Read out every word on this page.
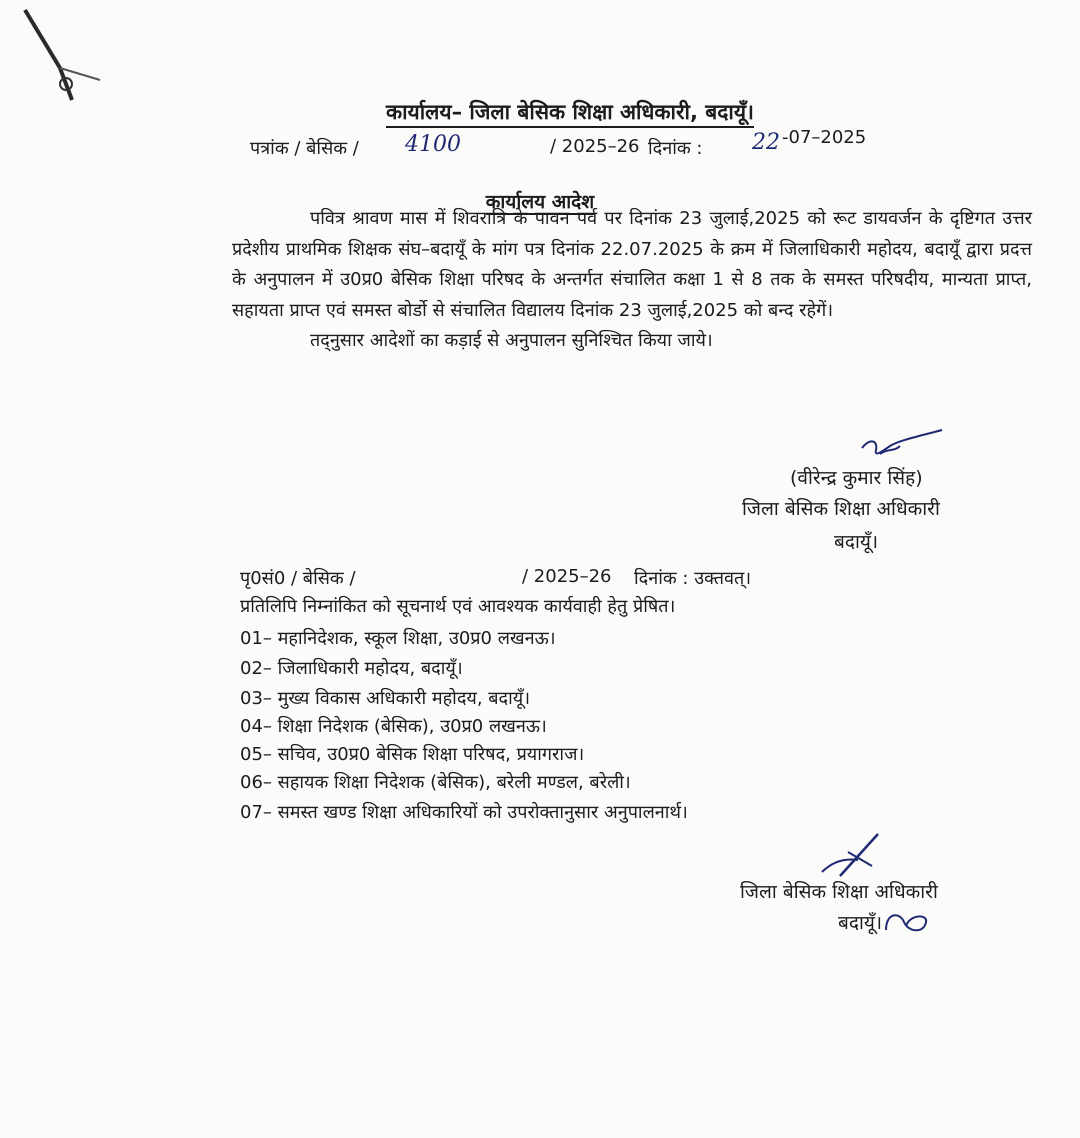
कार्यालय– जिला बेसिक शिक्षा अधिकारी, बदायूँ।
पत्रांक / बेसिक / 4100	/ 2025–26 दिनांक : 22 -07–2025
कार्यालय आदेश

पवित्र श्रावण मास में शिवरात्रि के पावन पर्व पर दिनांक 23 जुलाई,2025 को रूट डायवर्जन के दृष्टिगत उत्तर प्रदेशीय प्राथमिक शिक्षक संघ–बदायूँ के मांग पत्र दिनांक 22.07.2025 के क्रम में जिलाधिकारी महोदय, बदायूँ द्वारा प्रदत्त के अनुपालन में उ0प्र0 बेसिक शिक्षा परिषद के अन्तर्गत संचालित कक्षा 1 से 8 तक के समस्त परिषदीय, मान्यता प्राप्त, सहायता प्राप्त एवं समस्त बोर्डो से संचालित विद्यालय दिनांक 23 जुलाई,2025 को बन्द रहेगें।

तद्नुसार आदेशों का कड़ाई से अनुपालन सुनिश्चित किया जाये।

(वीरेन्द्र कुमार सिंह)
जिला बेसिक शिक्षा अधिकारी
बदायूँ।
पृ0सं0 / बेसिक /	/ 2025–26 दिनांक : उक्तवत्।
प्रतिलिपि निम्नांकित को सूचनार्थ एवं आवश्यक कार्यवाही हेतु प्रेषित।
01– महानिदेशक, स्कूल शिक्षा, उ0प्र0 लखनऊ।
02– जिलाधिकारी महोदय, बदायूँ।
03– मुख्य विकास अधिकारी महोदय, बदायूँ।
04– शिक्षा निदेशक (बेसिक), उ0प्र0 लखनऊ।
05– सचिव, उ0प्र0 बेसिक शिक्षा परिषद, प्रयागराज।
06– सहायक शिक्षा निदेशक (बेसिक), बरेली मण्डल, बरेली।
07– समस्त खण्ड शिक्षा अधिकारियों को उपरोक्तानुसार अनुपालनार्थ।
जिला बेसिक शिक्षा अधिकारी
बदायूँ।
